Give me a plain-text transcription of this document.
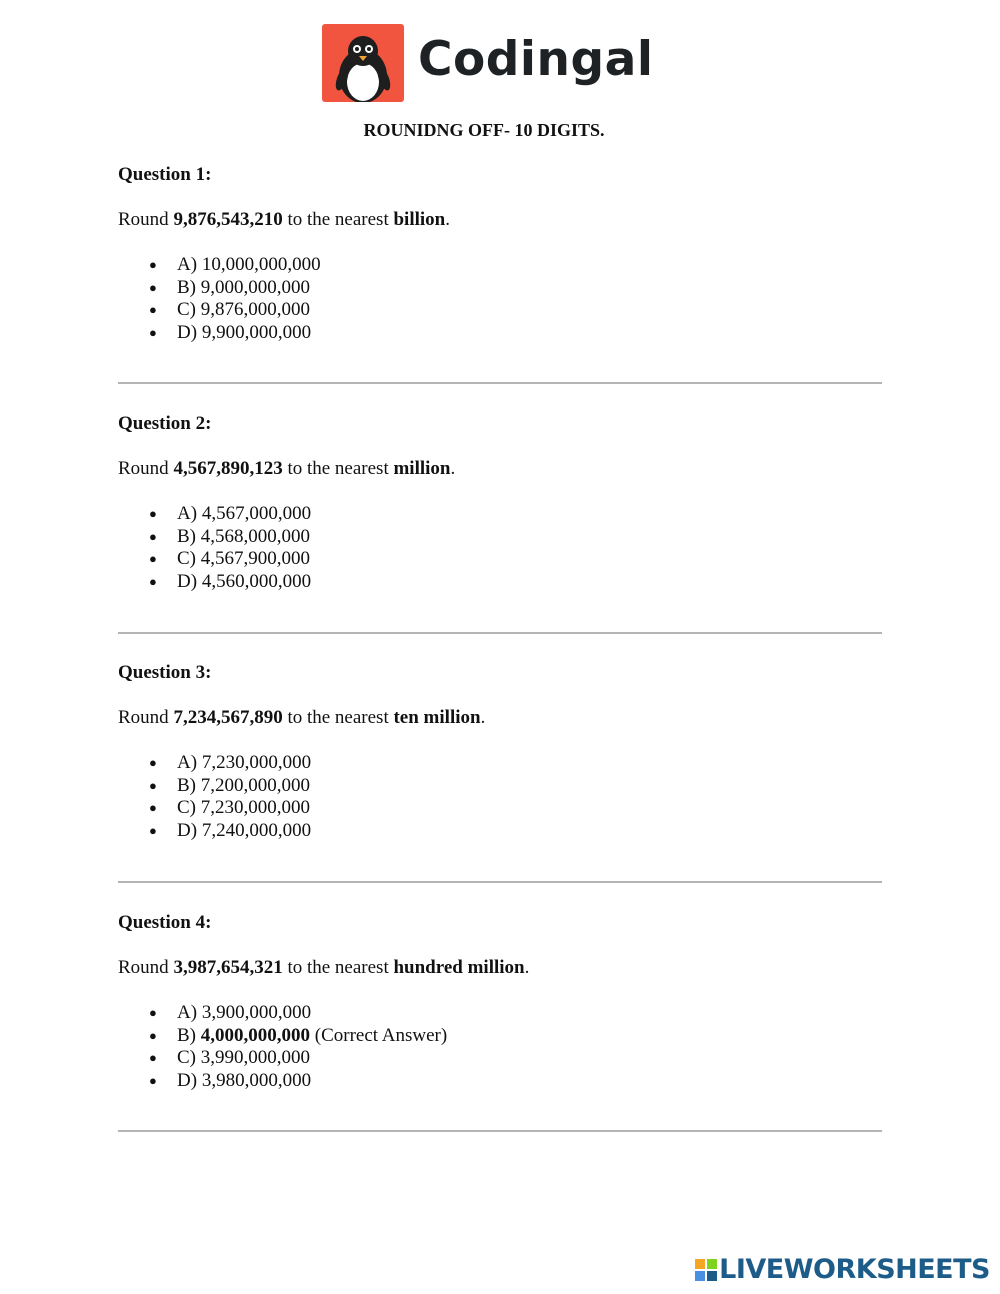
Codingal
ROUNIDNG OFF- 10 DIGITS.

Question 1:

Round 9,876,543,210 to the nearest billion.

● A) 10,000,000,000
● B) 9,000,000,000
● C) 9,876,000,000
● D) 9,900,000,000

Question 2:

Round 4,567,890,123 to the nearest million.

● A) 4,567,000,000
● B) 4,568,000,000
● C) 4,567,900,000
● D) 4,560,000,000

Question 3:

Round 7,234,567,890 to the nearest ten million.

● A) 7,230,000,000
● B) 7,200,000,000
● C) 7,230,000,000
● D) 7,240,000,000

Question 4:

Round 3,987,654,321 to the nearest hundred million.

● A) 3,900,000,000
● B) 4,000,000,000 (Correct Answer)
● C) 3,990,000,000
● D) 3,980,000,000
LIVEWORKSHEETS
